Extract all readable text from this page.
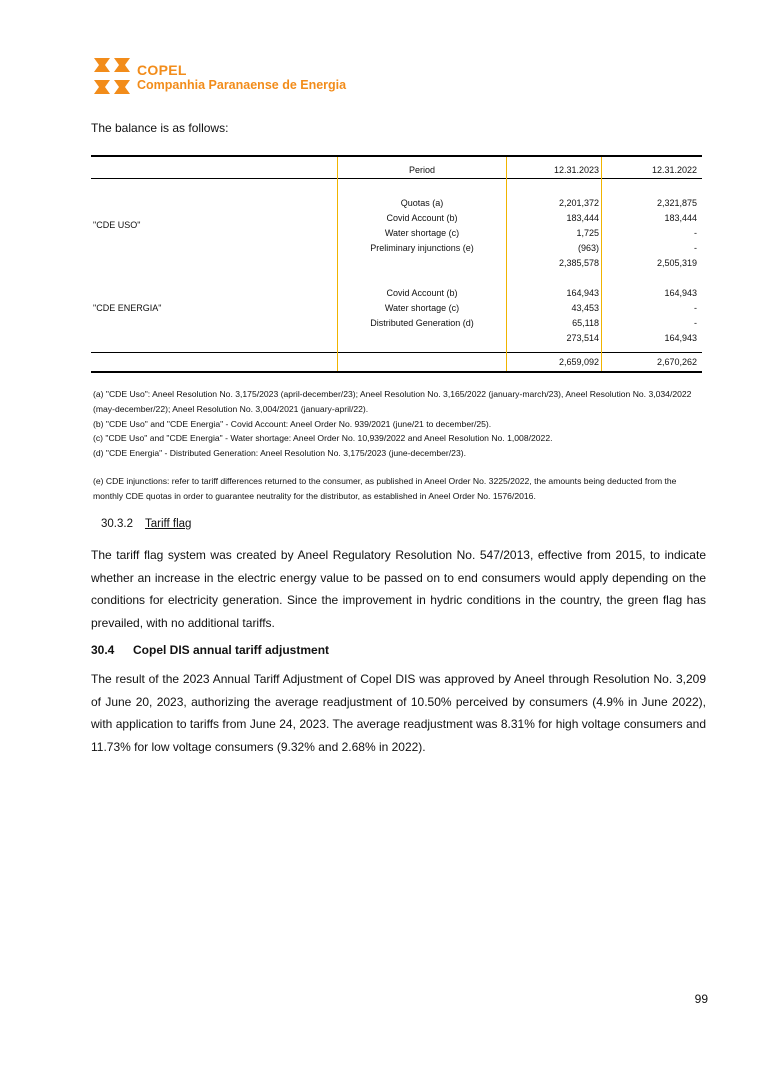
COPEL
Companhia Paranaense de Energia
The balance is as follows:
Period	12.31.2023	12.31.2022
"CDE USO"
Quotas (a)	2,201,372	2,321,875
Covid Account (b)	183,444	183,444
Water shortage (c)	1,725	-
Preliminary injunctions (e)	(963)	-
2,385,578	2,505,319
"CDE ENERGIA"
Covid Account (b)	164,943	164,943
Water shortage (c)	43,453	-
Distributed Generation (d)	65,118	-
273,514	164,943
2,659,092	2,670,262
(a) "CDE Uso": Aneel Resolution No. 3,175/2023 (april-december/23); Aneel Resolution No. 3,165/2022 (january-march/23), Aneel Resolution No. 3,034/2022 (may-december/22); Aneel Resolution No. 3,004/2021 (january-april/22).
(b) "CDE Uso" and "CDE Energia" - Covid Account: Aneel Order No. 939/2021 (june/21 to december/25).
(c) "CDE Uso" and "CDE Energia" - Water shortage: Aneel Order No. 10,939/2022 and Aneel Resolution No. 1,008/2022.
(d) "CDE Energia" - Distributed Generation: Aneel Resolution No. 3,175/2023 (june-december/23).
(e) CDE injunctions: refer to tariff differences returned to the consumer, as published in Aneel Order No. 3225/2022, the amounts being deducted from the monthly CDE quotas in order to guarantee neutrality for the distributor, as established in Aneel Order No. 1576/2016.
30.3.2 Tariff flag
The tariff flag system was created by Aneel Regulatory Resolution No. 547/2013, effective from 2015, to indicate whether an increase in the electric energy value to be passed on to end consumers would apply depending on the conditions for electricity generation. Since the improvement in hydric conditions in the country, the green flag has prevailed, with no additional tariffs.
30.4 Copel DIS annual tariff adjustment
The result of the 2023 Annual Tariff Adjustment of Copel DIS was approved by Aneel through Resolution No. 3,209 of June 20, 2023, authorizing the average readjustment of 10.50% perceived by consumers (4.9% in June 2022), with application to tariffs from June 24, 2023. The average readjustment was 8.31% for high voltage consumers and 11.73% for low voltage consumers (9.32% and 2.68% in 2022).
99
